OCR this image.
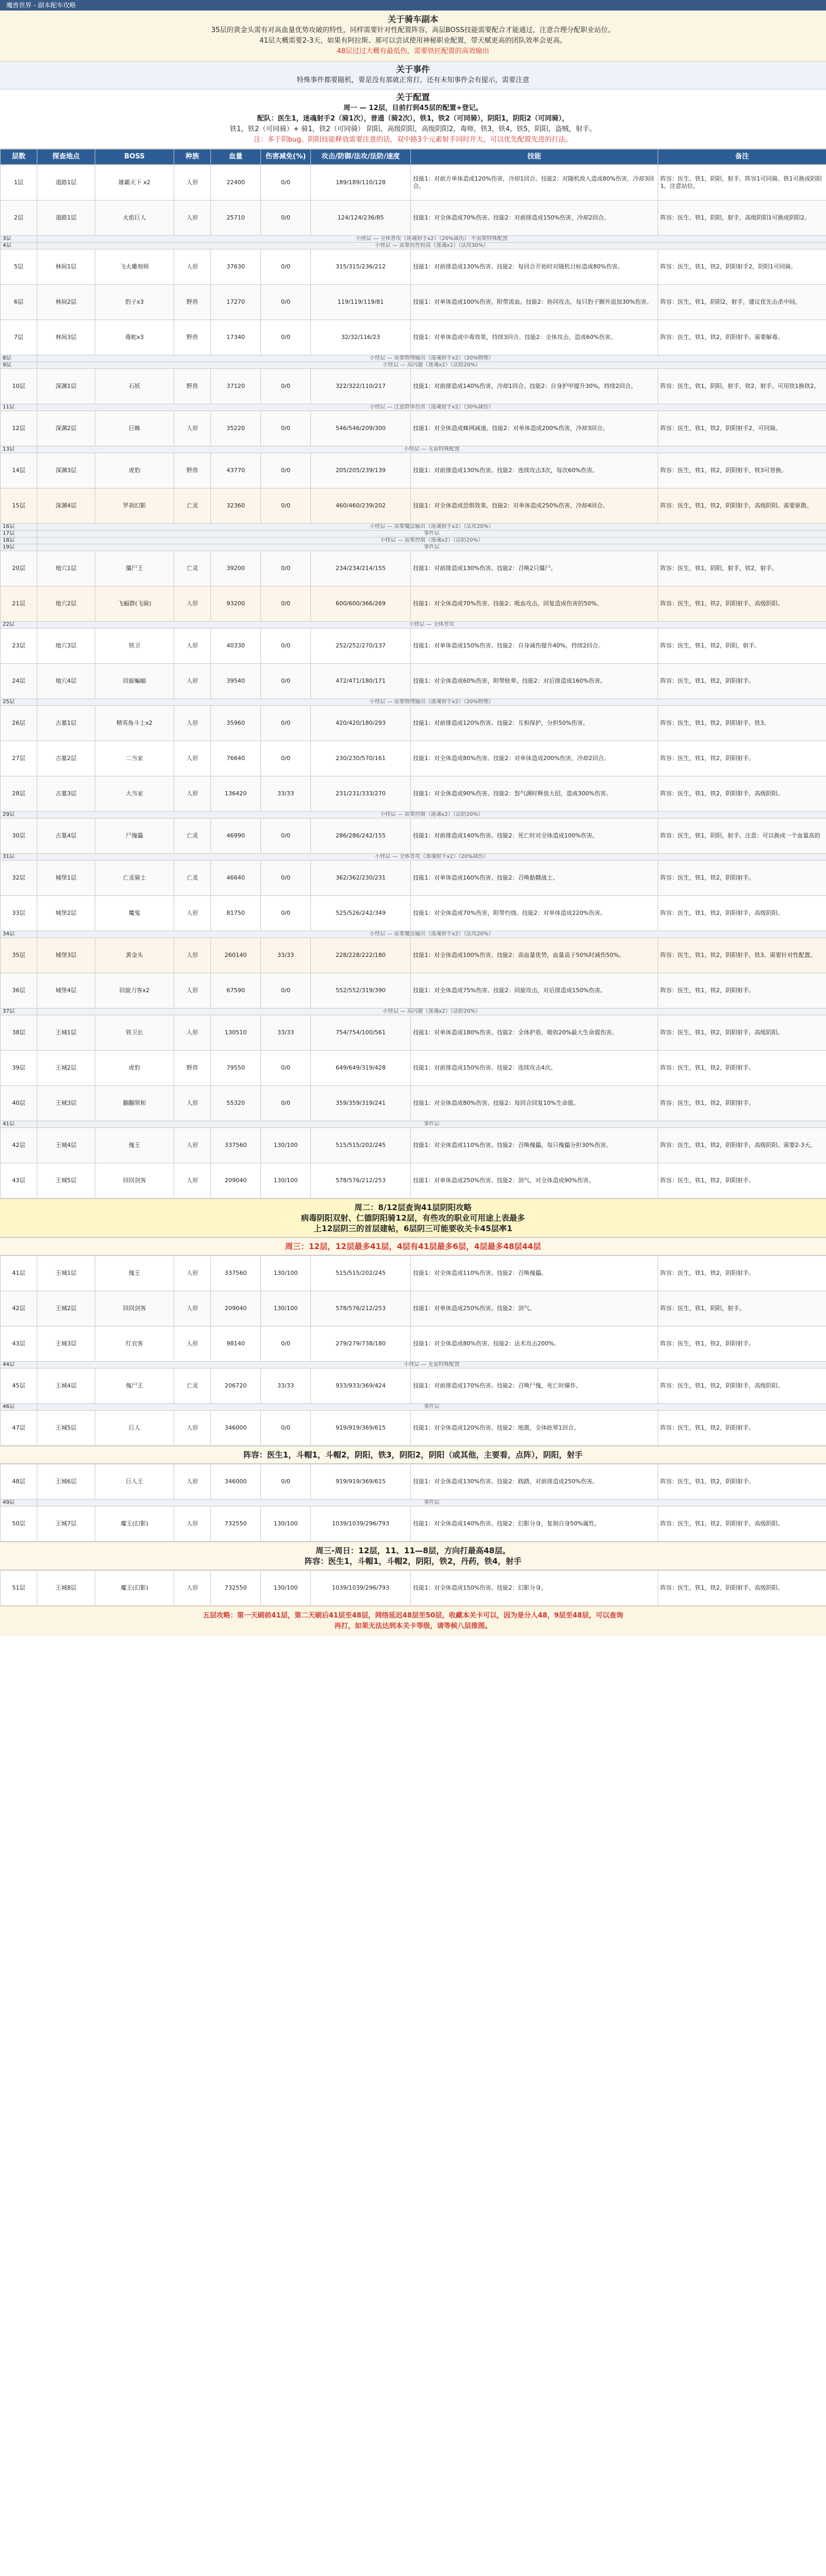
魔兽世界 - 副本配车攻略
关于骑车副本
35层的黄金头需有对高血量优势攻破的特性，同样需要针对性配置阵容，高层BOSS技能需要配合才能通过，注意合理分配职业站位。
41层大概需要2-3天，如果有阿拉斯、那可以尝试使用神秘职业配置，带天赋更高的团队效率会更高。
48层过过大概有最低伤，需要铁匠配置的高效输出
关于事件
特殊事件都要随机，要是没有那就正常打，还有未知事件会有提示，需要注意
关于配置
周一 — 12层，目前打到45层的配置+登记。
配队：医生1，迷魂射手2（骑1次），普通（骑2次），铁1，铁2（可同骑），阴阳1，阴阳2（可同骑），
铁1，铁2（可同骑）+ 骑1，铁2（可同骑） 阴阳，高级阴阳，高级阴阳2，毒师，铁3，铁4，铁5，阴阳，盗贼，射手。
注：多于阴bug、阴阳技能释放需要注意的话，双中路3个元素射手同时开大，可以优先配置先进的打法。
层数	探查地点	BOSS	种族	血量	伤害减免(%)	攻击/防御/法攻/法防/速度	技能	备注
1层	道路1层	雄霸天下 x2	人形	22400	0/0	189/189/110/128	技能1：对前方单体造成120%伤害，冷却1回合。技能2：对随机敌人造成80%伤害，冷却3回合。	阵容：医生、铁1，阴阳，射手。阵容1可同骑。铁1可换成阴阳1。注意站位。
2层	道路1层	火焰巨人	人形	25710	0/0	124/124/236/85	技能1：对全体造成70%伤害。技能2：对前排造成150%伤害，冷却2回合。	阵容：医生、铁1，阴阳，射手，高级阴阳1可换成阴阳2。
3层	小怪层 — 全体普攻（迷魂射手x2）（20%减伤） 不需要特殊配置							
4层	小怪层 — 需要抗性较高（迷魂x2）（法攻30%）							
5层	林间1层	飞火雕刻师	人形	37630	0/0	315/315/236/212	技能1：对前排造成130%伤害。技能2：每回合开始时对随机目标造成80%伤害。	阵容：医生，铁1，铁2，阴阳射手2，阴阳1可同骑。
6层	林间2层	豹子x3	野兽	17270	0/0	119/119/119/81	技能1：对单体造成100%伤害，附带流血。技能2：协同攻击，每只豹子额外追加30%伤害。	阵容：医生，铁1，阴阳2，射手，建议优先击杀中间。
7层	林间3层	毒蛇x3	野兽	17340	0/0	32/32/116/23	技能1：对单体造成中毒效果，持续3回合。技能2：全体攻击，造成60%伤害。	阵容：医生，铁1，铁2，阴阳射手。需要解毒。
8层	小怪层 — 需要物理输出（迷魂射手x2）（20%物理）							
9层	小怪层 — 高闪避（迷魂x2）（法防20%）							
10层	深渊1层	石妖	野兽	37120	0/0	322/322/110/217	技能1：对前排造成140%伤害，冷却1回合。技能2：自身护甲提升30%，持续2回合。	阵容：医生，铁1，阴阳，射手，铁2，射手。可用铁1换铁2。
11层	小怪层 — 注意群体伤害（迷魂射手x2）（30%减伤）							
12层	深渊2层	巨蛛	人形	35220	0/0	546/546/209/300	技能1：对全体造成蛛网减速。技能2：对单体造成200%伤害，冷却3回合。	阵容：医生，铁1，铁2，阴阳射手2，可同骑。
13层	小怪层 — 无需特殊配置							
14层	深渊3层	虎豹	野兽	43770	0/0	205/205/239/139	技能1：对前排造成130%伤害。技能2：连续攻击3次，每次60%伤害。	阵容：医生，铁1，铁2，阴阳射手，铁3可替换。
15层	深渊4层	罗刹幻影	亡灵	32360	0/0	460/460/239/202	技能1：对全体造成恐惧效果。技能2：对单体造成250%伤害，冷却4回合。	阵容：医生，铁1，铁2，阴阳射手，高级阴阳。需要驱散。
16层	小怪层 — 需要魔法输出（迷魂射手x2）（法攻20%）							
17层	事件层							
18层	小怪层 — 需要控制（迷魂x2）（法防20%）							
19层	事件层							
20层	地穴1层	僵尸王	亡灵	39200	0/0	234/234/214/155	技能1：对前排造成130%伤害。技能2：召唤2只僵尸。	阵容：医生，铁1，阴阳，射手，铁2，射手。
21层	地穴2层	飞蝠群(飞骑)	人形	93200	0/0	600/600/366/269	技能1：对全体造成70%伤害。技能2：吸血攻击，回复造成伤害的50%。	阵容：医生，铁1，铁2，阴阳射手，高级阴阳。
22层	小怪层 — 全体普攻							
23层	地穴3层	铁卫	人形	40330	0/0	252/252/270/137	技能1：对单体造成150%伤害。技能2：自身减伤提升40%，持续2回合。	阵容：医生，铁1，铁2，阴阳，射手。
24层	地穴4层	回旋蝙蝠	人形	39540	0/0	472/471/180/171	技能1：对全体造成60%伤害，附带眩晕。技能2：对后排造成160%伤害。	阵容：医生，铁1，铁2，阴阳射手。
25层	小怪层 — 需要物理输出（迷魂射手x2）（20%物理）							
26层	古墓1层	精英角斗士x2	人形	35960	0/0	420/420/180/293	技能1：对前排造成120%伤害。技能2：互相保护，分担50%伤害。	阵容：医生，铁1，铁2，阴阳射手，铁3。
27层	古墓2层	二当家	人形	76640	0/0	230/230/570/161	技能1：对全体造成80%伤害。技能2：对单体造成200%伤害，冷却2回合。	阵容：医生，铁1，铁2，阴阳射手。
28层	古墓3层	大当家	人形	136420	33/33	231/231/333/270	技能1：对全体造成90%伤害。技能2：怒气满时释放大招，造成300%伤害。	阵容：医生，铁1，铁2，阴阳射手，高级阴阳。
29层	小怪层 — 需要控制（迷魂x2）（法防20%）							
30层	古墓4层	尸傀儡	亡灵	46990	0/0	286/286/242/155	技能1：对前排造成140%伤害。技能2：死亡时对全体造成100%伤害。	阵容：医生，铁1，阴阳，射手。注意：可以换成一个血量高的
31层	小怪层 — 全体普攻（迷魂射手x2）（20%减伤）							
32层	城堡1层	亡灵骑士	亡灵	46640	0/0	362/362/230/231	技能1：对单体造成160%伤害。技能2：召唤骷髅战士。	阵容：医生，铁1，铁2，阴阳射手。
33层	城堡2层	魔鬼	人形	81750	0/0	525/526/242/349	技能1：对全体造成70%伤害，附带灼烧。技能2：对单体造成220%伤害。	阵容：医生，铁1，铁2，阴阳射手，高级阴阳。
34层	小怪层 — 需要魔法输出（迷魂射手x2）（法攻20%）							
35层	城堡3层	黄金头	人形	260140	33/33	228/228/222/180	技能1：对全体造成100%伤害。技能2：高血量优势，血量高于50%时减伤50%。	阵容：医生，铁1，铁2，阴阳射手，铁3。需要针对性配置。
36层	城堡4层	回旋刀客x2	人形	67590	0/0	552/552/319/390	技能1：对全体造成75%伤害。技能2：回旋攻击，对后排造成150%伤害。	阵容：医生，铁1，铁2，阴阳射手。
37层	小怪层 — 高闪避（迷魂x2）（法防20%）							
38层	王城1层	铁卫长	人形	130510	33/33	754/754/100/561	技能1：对单体造成180%伤害。技能2：全体护盾，吸收20%最大生命值伤害。	阵容：医生，铁1，铁2，阴阳射手，高级阴阳。
39层	王城2层	虎豹	野兽	79550	0/0	649/649/319/428	技能1：对前排造成150%伤害。技能2：连续攻击4次。	阵容：医生，铁1，铁2，阴阳射手。
40层	王城3层	翻翻领和	人形	55320	0/0	359/359/319/241	技能1：对全体造成80%伤害。技能2：每回合回复10%生命值。	阵容：医生，铁1，铁2，阴阳射手。
41层	事件层							
42层	王城4层	傀王	人形	337560	130/100	515/515/202/245	技能1：对全体造成110%伤害。技能2：召唤傀儡，每只傀儡分担30%伤害。	阵容：医生，铁1，铁2，阴阳射手，高级阴阳。需要2-3天。
43层	王城5层	回回剑客	人形	209040	130/100	578/576/212/253	技能1：对单体造成250%伤害。技能2：剑气，对全体造成90%伤害。	阵容：医生，铁1，铁2，阴阳射手。
周二：8/12层查询41层阴阳攻略
病毒阴阳双射、仁德阴阳骑12层，有些攻的职业可用途上表最多
上12层阴三的首层建帖，6层阴三可能要收关卡45层率1
周三：12层，12层最多41层，4层有41层最多6层，4层最多48层44层
41层	王城1层	傀王	人形	337560	130/100	515/515/202/245	技能1：对全体造成110%伤害。技能2：召唤傀儡。	阵容：医生，铁1，铁2，阴阳射手。
42层	王城2层	回回剑客	人形	209040	130/100	578/576/212/253	技能1：对单体造成250%伤害。技能2：剑气。	阵容：医生，铁1，阴阳，射手。
43层	王城3层	红衣客	人形	98140	0/0	279/279/738/180	技能1：对全体造成80%伤害。技能2：法术攻击200%。	阵容：医生，铁1，铁2，阴阳射手。
44层	小怪层 — 无需特殊配置							
45层	王城4层	傀尸王	亡灵	206720	33/33	933/933/369/424	技能1：对前排造成170%伤害。技能2：召唤尸傀，死亡时爆炸。	阵容：医生，铁1，铁2，阴阳射手，高级阴阳。
46层	事件层							
47层	王城5层	巨人	人形	346000	0/0	919/919/369/615	技能1：对全体造成120%伤害。技能2：地震，全体眩晕1回合。	阵容：医生，铁1，铁2，阴阳射手。
阵容：医生1，斗帽1，斗帽2，阴阳，铁3，阴阳2，阴阳（或其他，主要看，点阵），阴阳，射手
48层	王城6层	巨人王	人形	346000	0/0	919/919/369/615	技能1：对全体造成130%伤害。技能2：践踏，对前排造成250%伤害。	阵容：医生，铁1，铁2，阴阳射手。
49层	事件层							
50层	王城7层	魔王(幻影)	人形	732550	130/100	1039/1039/296/793	技能1：对全体造成140%伤害。技能2：幻影分身，复制自身50%属性。	阵容：医生，铁1，铁2，阴阳射手，高级阴阳。
周三-周日：12层，11、11—8层，方向打最高48层。
阵容：医生1，斗帽1，斗帽2，阴阳，铁2，丹药，铁4，射手
51层	王城8层	魔王(幻影)	人形	732550	130/100	1039/1039/296/793	技能1：对全体造成150%伤害。技能2：幻影分身。	阵容：医生，铁1，铁2，阴阳射手，高级阴阳。
五层攻略：第一天刷前41层，第二天刷后41层至48层，网络延迟48层至50层，收藏本关卡可以，因为是分人48，9层至48层，可以查询
再打，如果无法达到本关卡等级，请等候八层推图。
